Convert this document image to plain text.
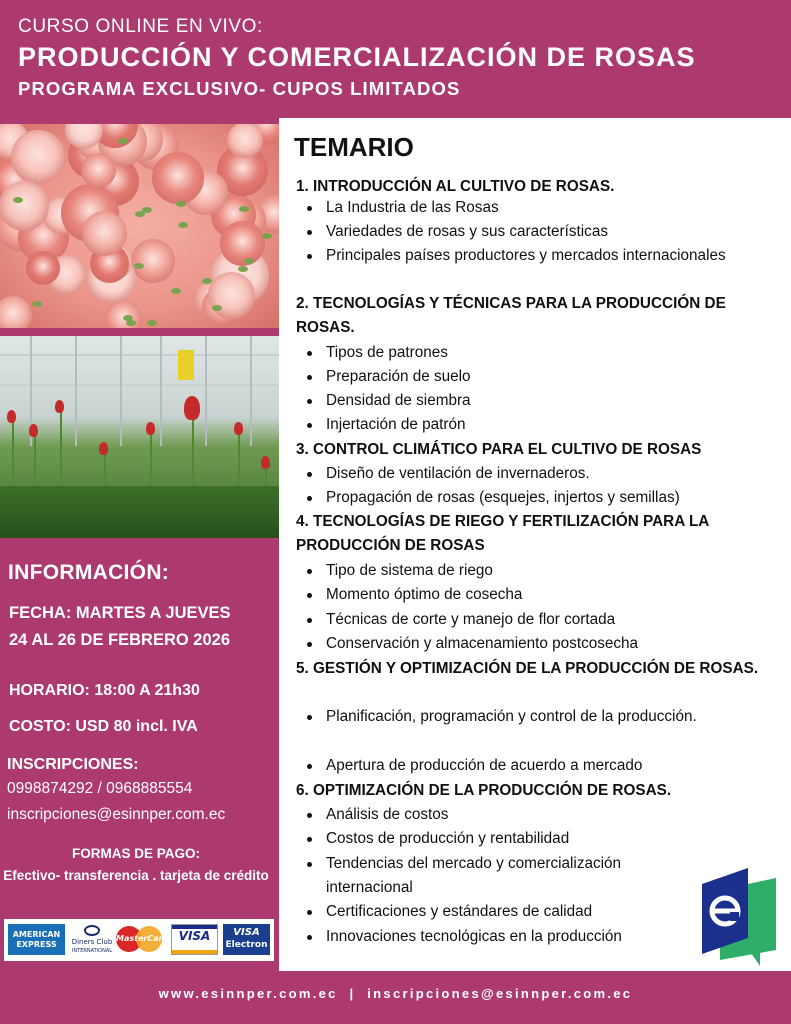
CURSO ONLINE EN VIVO:
PRODUCCIÓN Y COMERCIALIZACIÓN DE ROSAS
PROGRAMA EXCLUSIVO- CUPOS LIMITADOS
TEMARIO
1. INTRODUCCIÓN AL CULTIVO DE ROSAS.
La Industria de las Rosas
Variedades de rosas y sus características
Principales países productores y mercados internacionales
2. TECNOLOGÍAS Y TÉCNICAS PARA LA PRODUCCIÓN DE ROSAS.
Tipos de patrones
Preparación de suelo
Densidad de siembra
Injertación de patrón
3. CONTROL CLIMÁTICO PARA EL CULTIVO DE ROSAS
Diseño de ventilación de invernaderos.
Propagación de rosas (esquejes, injertos y semillas)
4. TECNOLOGÍAS DE RIEGO Y FERTILIZACIÓN PARA LA PRODUCCIÓN DE ROSAS
Tipo de sistema de riego
Momento óptimo de cosecha
Técnicas de corte y manejo de flor cortada
Conservación y almacenamiento postcosecha
5. GESTIÓN Y OPTIMIZACIÓN DE LA PRODUCCIÓN DE ROSAS.
Planificación, programación y control de la producción.
Apertura de producción de acuerdo a mercado
6. OPTIMIZACIÓN DE LA PRODUCCIÓN DE ROSAS.
Análisis de costos
Costos de producción y rentabilidad
Tendencias del mercado y comercialización internacional
Certificaciones y estándares de calidad
Innovaciones tecnológicas en la producción
INFORMACIÓN:
FECHA: MARTES A JUEVES
24 AL 26 DE FEBRERO 2026
HORARIO: 18:00 A 21h30
COSTO: USD 80 incl. IVA
INSCRIPCIONES:
0998874292 / 0968885554
inscripciones@esinnper.com.ec
FORMAS DE PAGO:
Efectivo- transferencia . tarjeta de crédito
AMERICAN EXPRESS	Diners Club
INTERNATIONAL
MasterCard VISA	VISA
Electron
www.esinnper.com.ec  |  inscripciones@esinnper.com.ec
